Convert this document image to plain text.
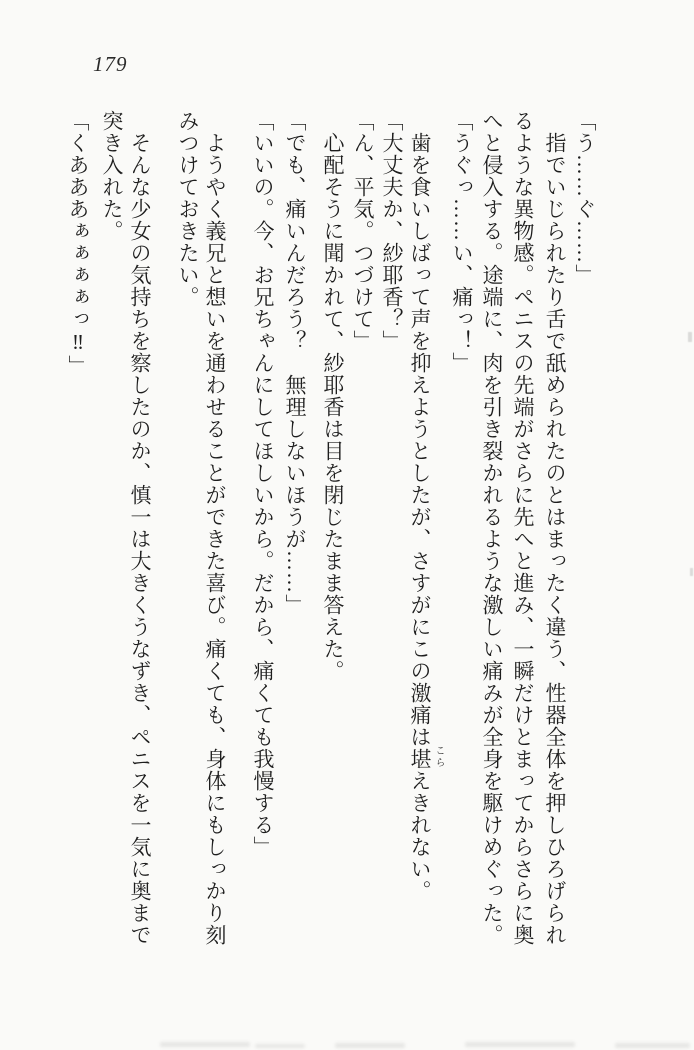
179
「う……ぐ……」
指でいじられたり舌で舐められたのとはまったく違う、性器全体を押しひろげられ
るような異物感。ペニスの先端がさらに先へと進み、一瞬だけとまってからさらに奥
へと侵入する。途端に、肉を引き裂かれるような激しい痛みが全身を駆けめぐった。
「うぐっ……い、痛っ！」
歯を食いしばって声を抑えようとしたが、さすがにこの激痛は堪えきれない。
「大丈夫か、紗耶香？」
「ん、平気。つづけて」
心配そうに聞かれて、紗耶香は目を閉じたまま答えた。
「でも、痛いんだろう？　無理しないほうが……」
「いいの。今、お兄ちゃんにしてほしいから。だから、痛くても我慢する」
ようやく義兄と想いを通わせることができた喜び。痛くても、身体にもしっかり刻
みつけておきたい。
そんな少女の気持ちを察したのか、慎一は大きくうなずき、ペニスを一気に奥まで
突き入れた。
「くあああぁぁぁぁっ‼」
こら
